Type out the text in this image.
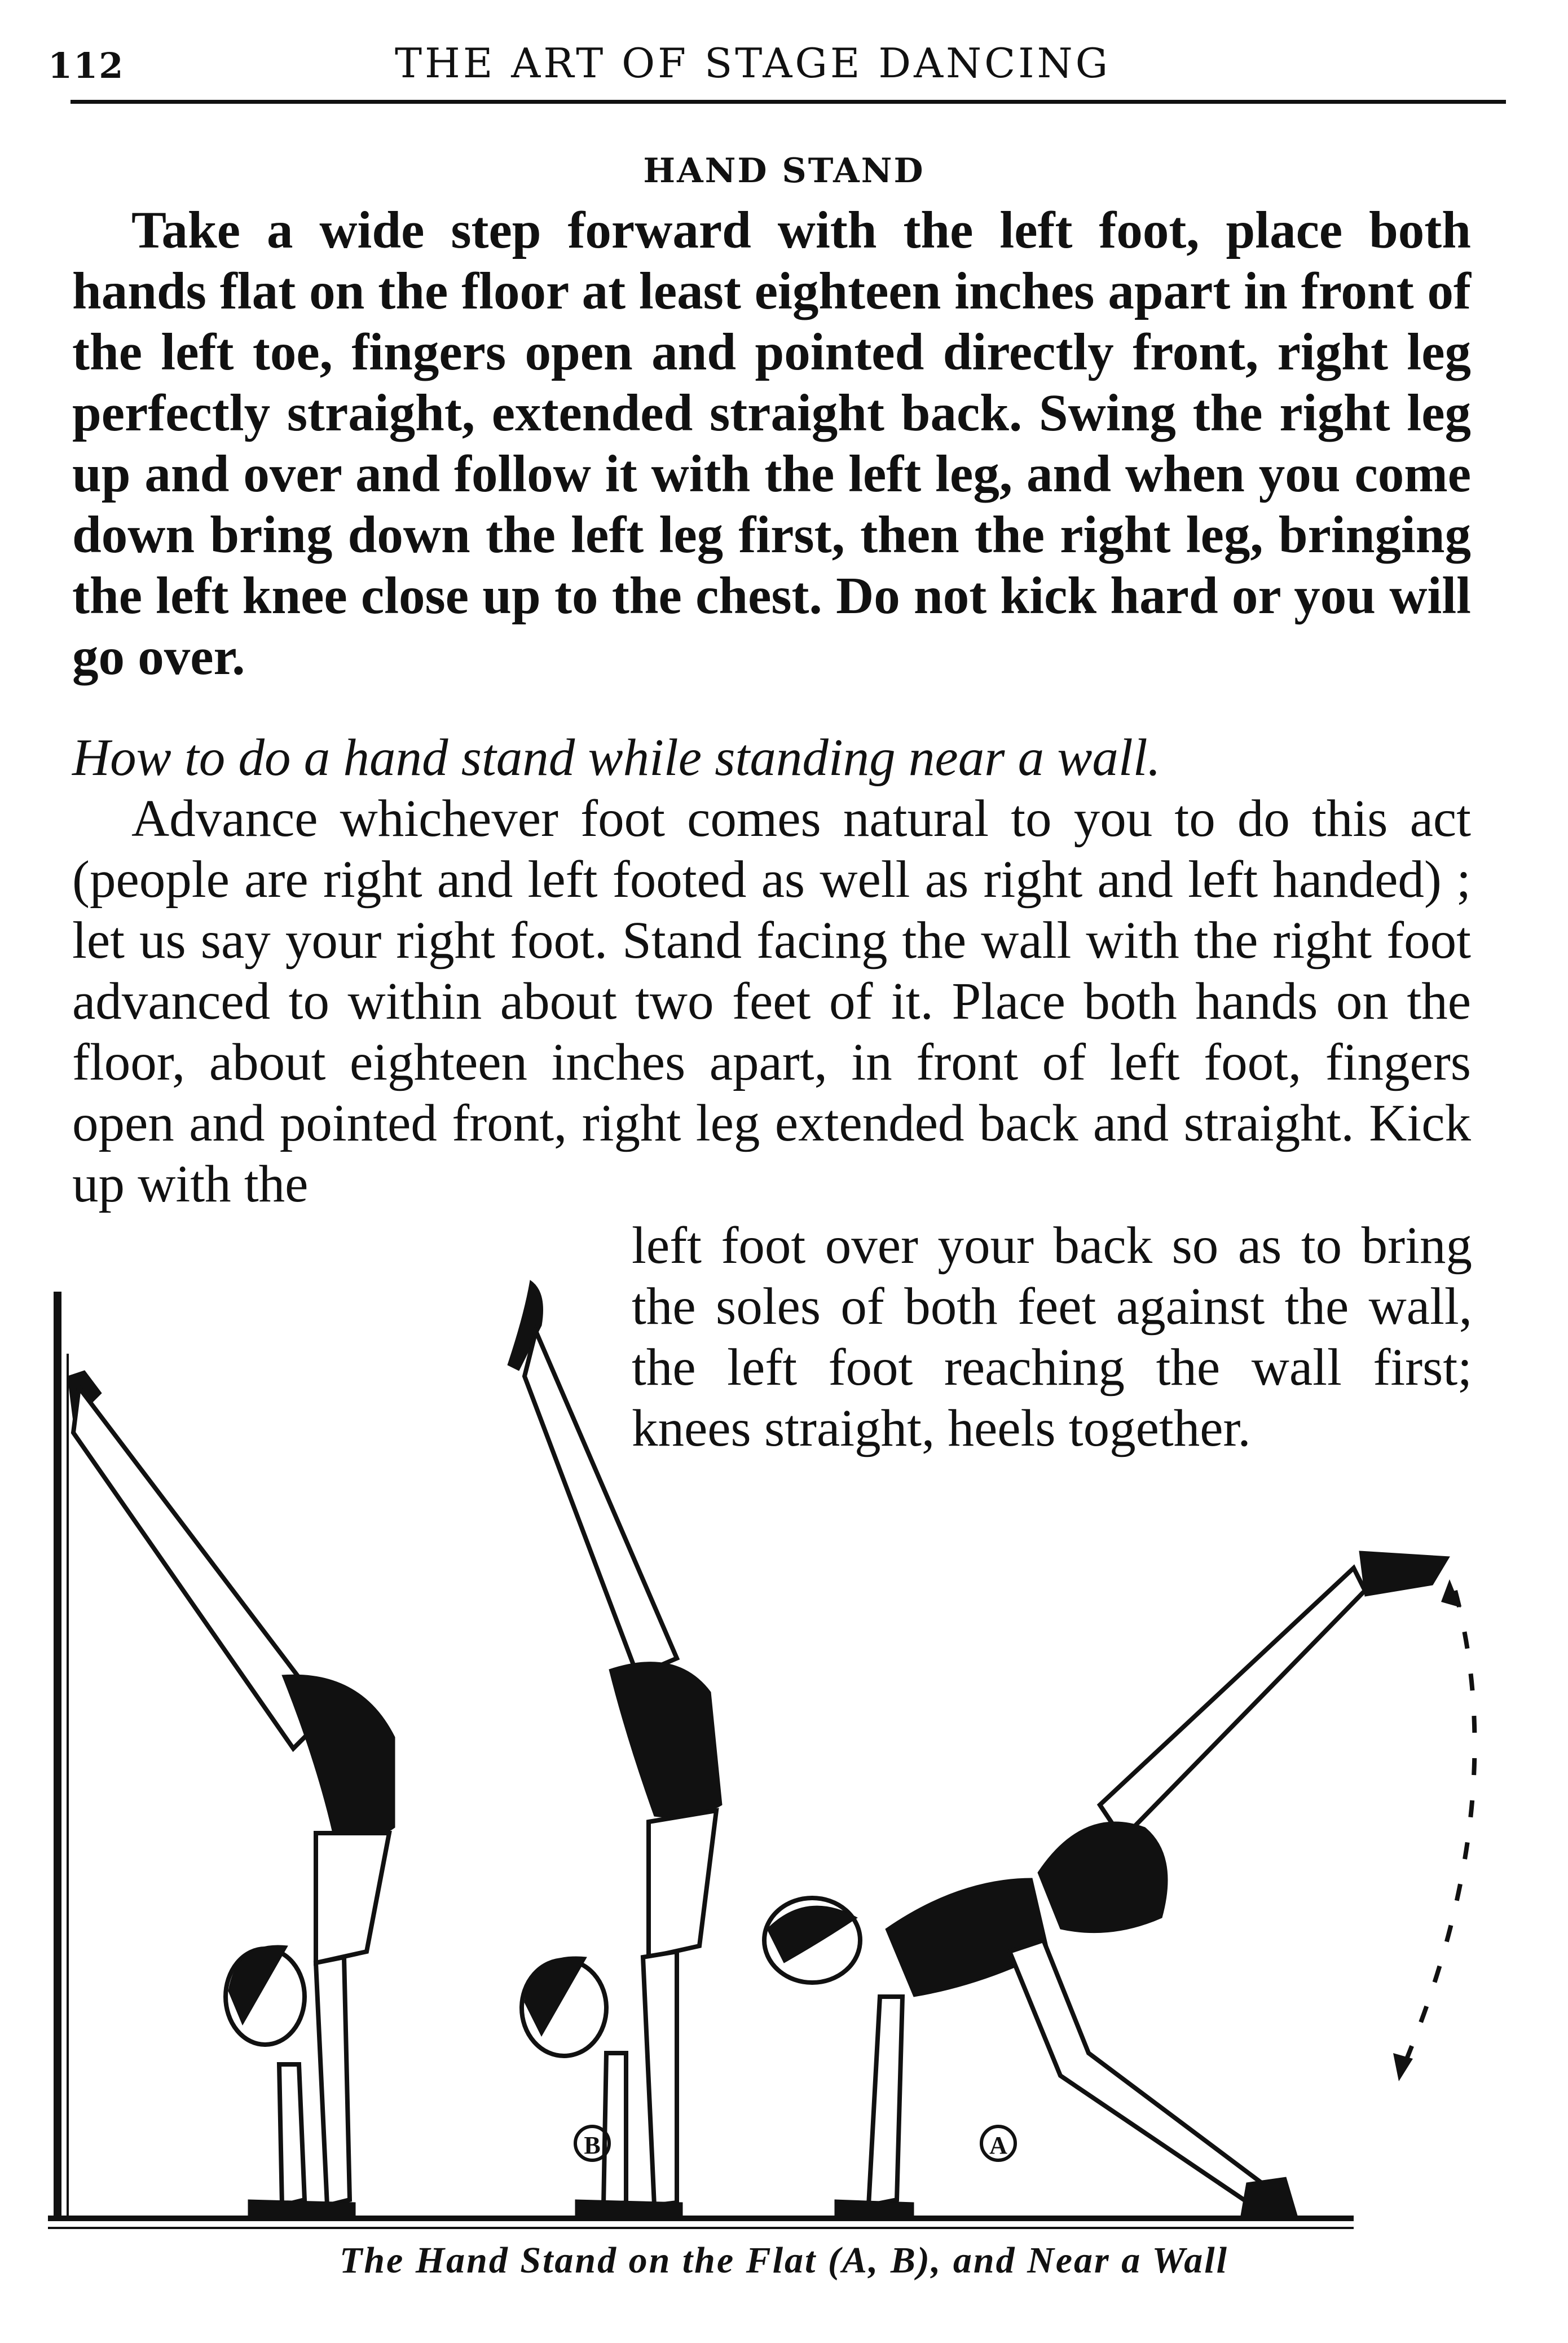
112	THE ART OF STAGE DANCING
HAND STAND

Take a wide step forward with the left foot, place both hands flat on the floor at least eighteen inches apart in front of the left toe, fingers open and pointed directly front, right leg perfectly straight, extended straight back. Swing the right leg up and over and follow it with the left leg, and when you come down bring down the left leg first, then the right leg, bringing the left knee close up to the chest. Do not kick hard or you will go over.

How to do a hand stand while standing near a wall.

Advance whichever foot comes natural to you to do this act (people are right and left footed as well as right and left handed) ; let us say your right foot. Stand facing the wall with the right foot advanced to within about two feet of it. Place both hands on the floor, about eighteen inches apart, in front of left foot, fingers open and pointed front, right leg extended back and straight. Kick up with the

left foot over your back so as to bring the soles of both feet against the wall, the left foot reaching the wall first; knees straight, heels together.

B	A
The Hand Stand on the Flat (A, B), and Near a Wall
